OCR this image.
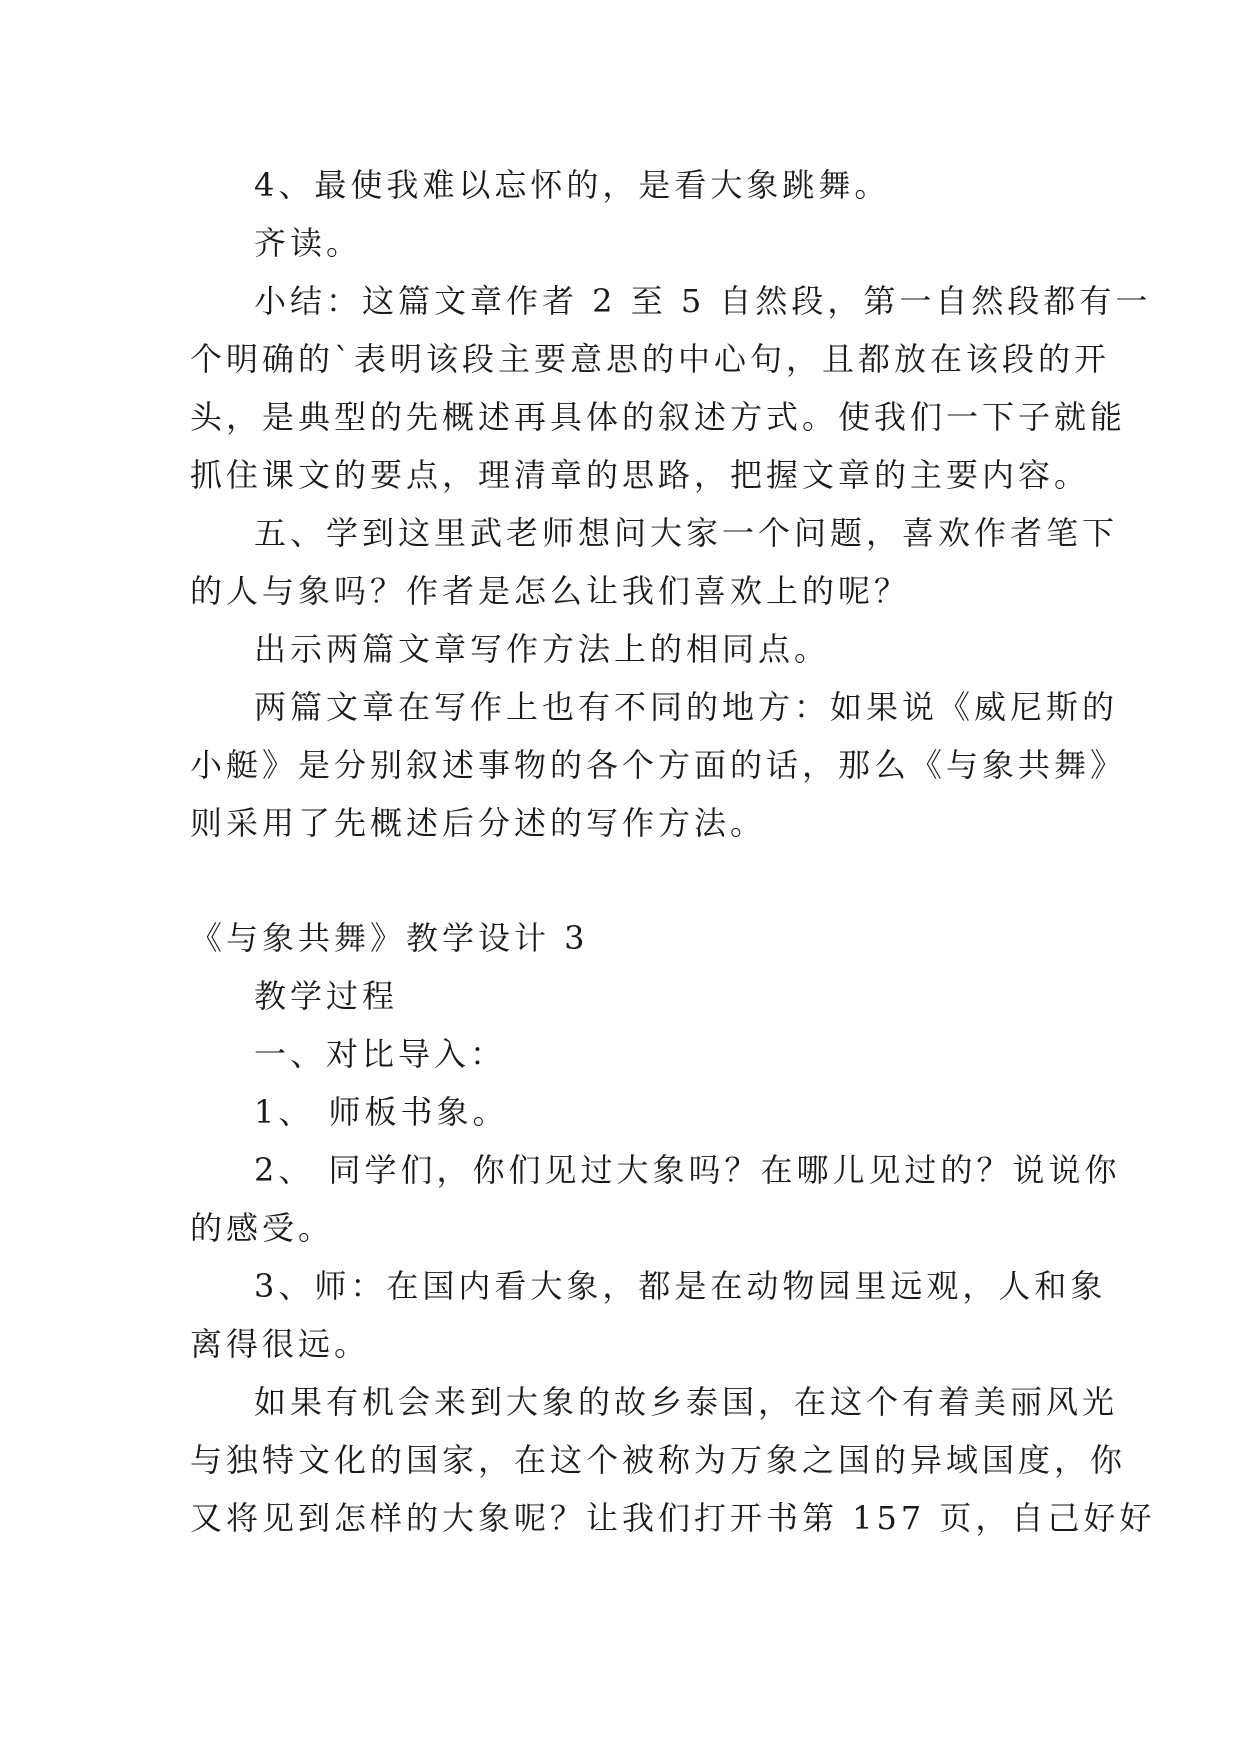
4、最使我难以忘怀的，是看大象跳舞。
齐读。
小结：这篇文章作者 2 至 5 自然段，第一自然段都有一
个明确的`表明该段主要意思的中心句，且都放在该段的开
头，是典型的先概述再具体的叙述方式。使我们一下子就能
抓住课文的要点，理清章的思路，把握文章的主要内容。
五、学到这里武老师想问大家一个问题，喜欢作者笔下
的人与象吗？作者是怎么让我们喜欢上的呢？
出示两篇文章写作方法上的相同点。
两篇文章在写作上也有不同的地方：如果说《威尼斯的
小艇》是分别叙述事物的各个方面的话，那么《与象共舞》
则采用了先概述后分述的写作方法。
《与象共舞》教学设计 3
教学过程
一、对比导入：
1、 师板书象。
2、 同学们，你们见过大象吗？在哪儿见过的？说说你
的感受。
3、师：在国内看大象，都是在动物园里远观，人和象
离得很远。
如果有机会来到大象的故乡泰国，在这个有着美丽风光
与独特文化的国家，在这个被称为万象之国的异域国度，你
又将见到怎样的大象呢？让我们打开书第 157 页，自己好好
